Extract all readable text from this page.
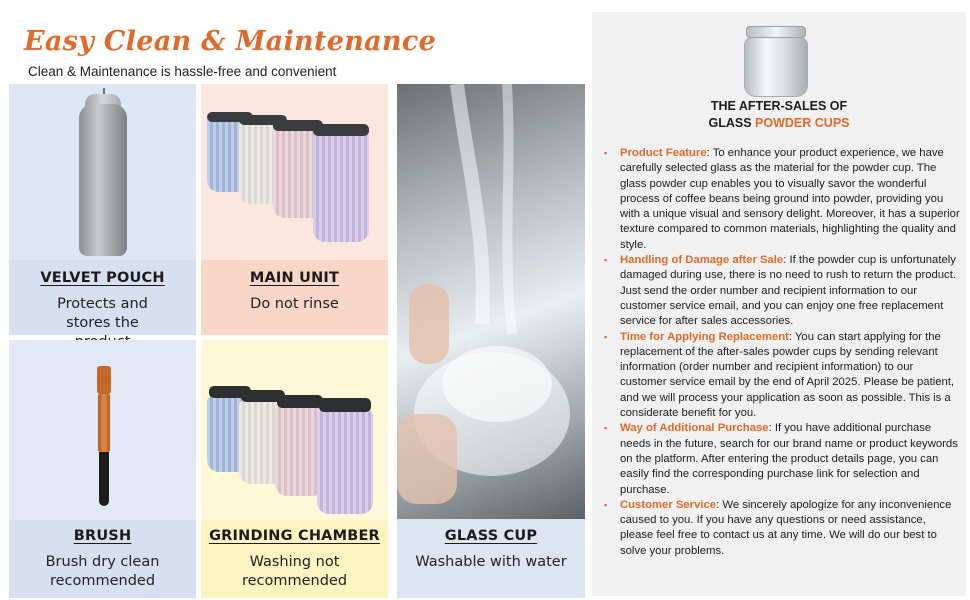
Easy Clean & Maintenance
Clean & Maintenance is hassle-free and convenient
VELVET POUCH
Protects and stores the
MAIN UNIT
Do not rinse
GLASS CUP
Washable with water
BRUSH
Brush dry clean recommended
GRINDING CHAMBER
Washing not recommended
THE AFTER-SALES OF
GLASS POWDER CUPS
▪ Product Feature: To enhance your product experience, we have carefully selected glass as the material for the powder cup. The glass powder cup enables you to visually savor the wonderful process of coffee beans being ground into powder, providing you with a unique visual and sensory delight. Moreover, it has a superior texture compared to common materials, highlighting the quality and style.
▪ Handling of Damage after Sale: If the powder cup is unfortunately damaged during use, there is no need to rush to return the product. Just send the order number and recipient information to our customer service email, and you can enjoy one free replacement service for after sales accessories.
▪ Time for Applying Replacement: You can start applying for the replacement of the after-sales powder cups by sending relevant information (order number and recipient information) to our customer service email by the end of April 2025. Please be patient, and we will process your application as soon as possible. This is a considerate benefit for you.
▪ Way of Additional Purchase: If you have additional purchase needs in the future, search for our brand name or product keywords on the platform. After entering the product details page, you can easily find the corresponding purchase link for selection and purchase.
▪ Customer Service: We sincerely apologize for any inconvenience caused to you. If you have any questions or need assistance, please feel free to contact us at any time. We will do our best to solve your problems.
